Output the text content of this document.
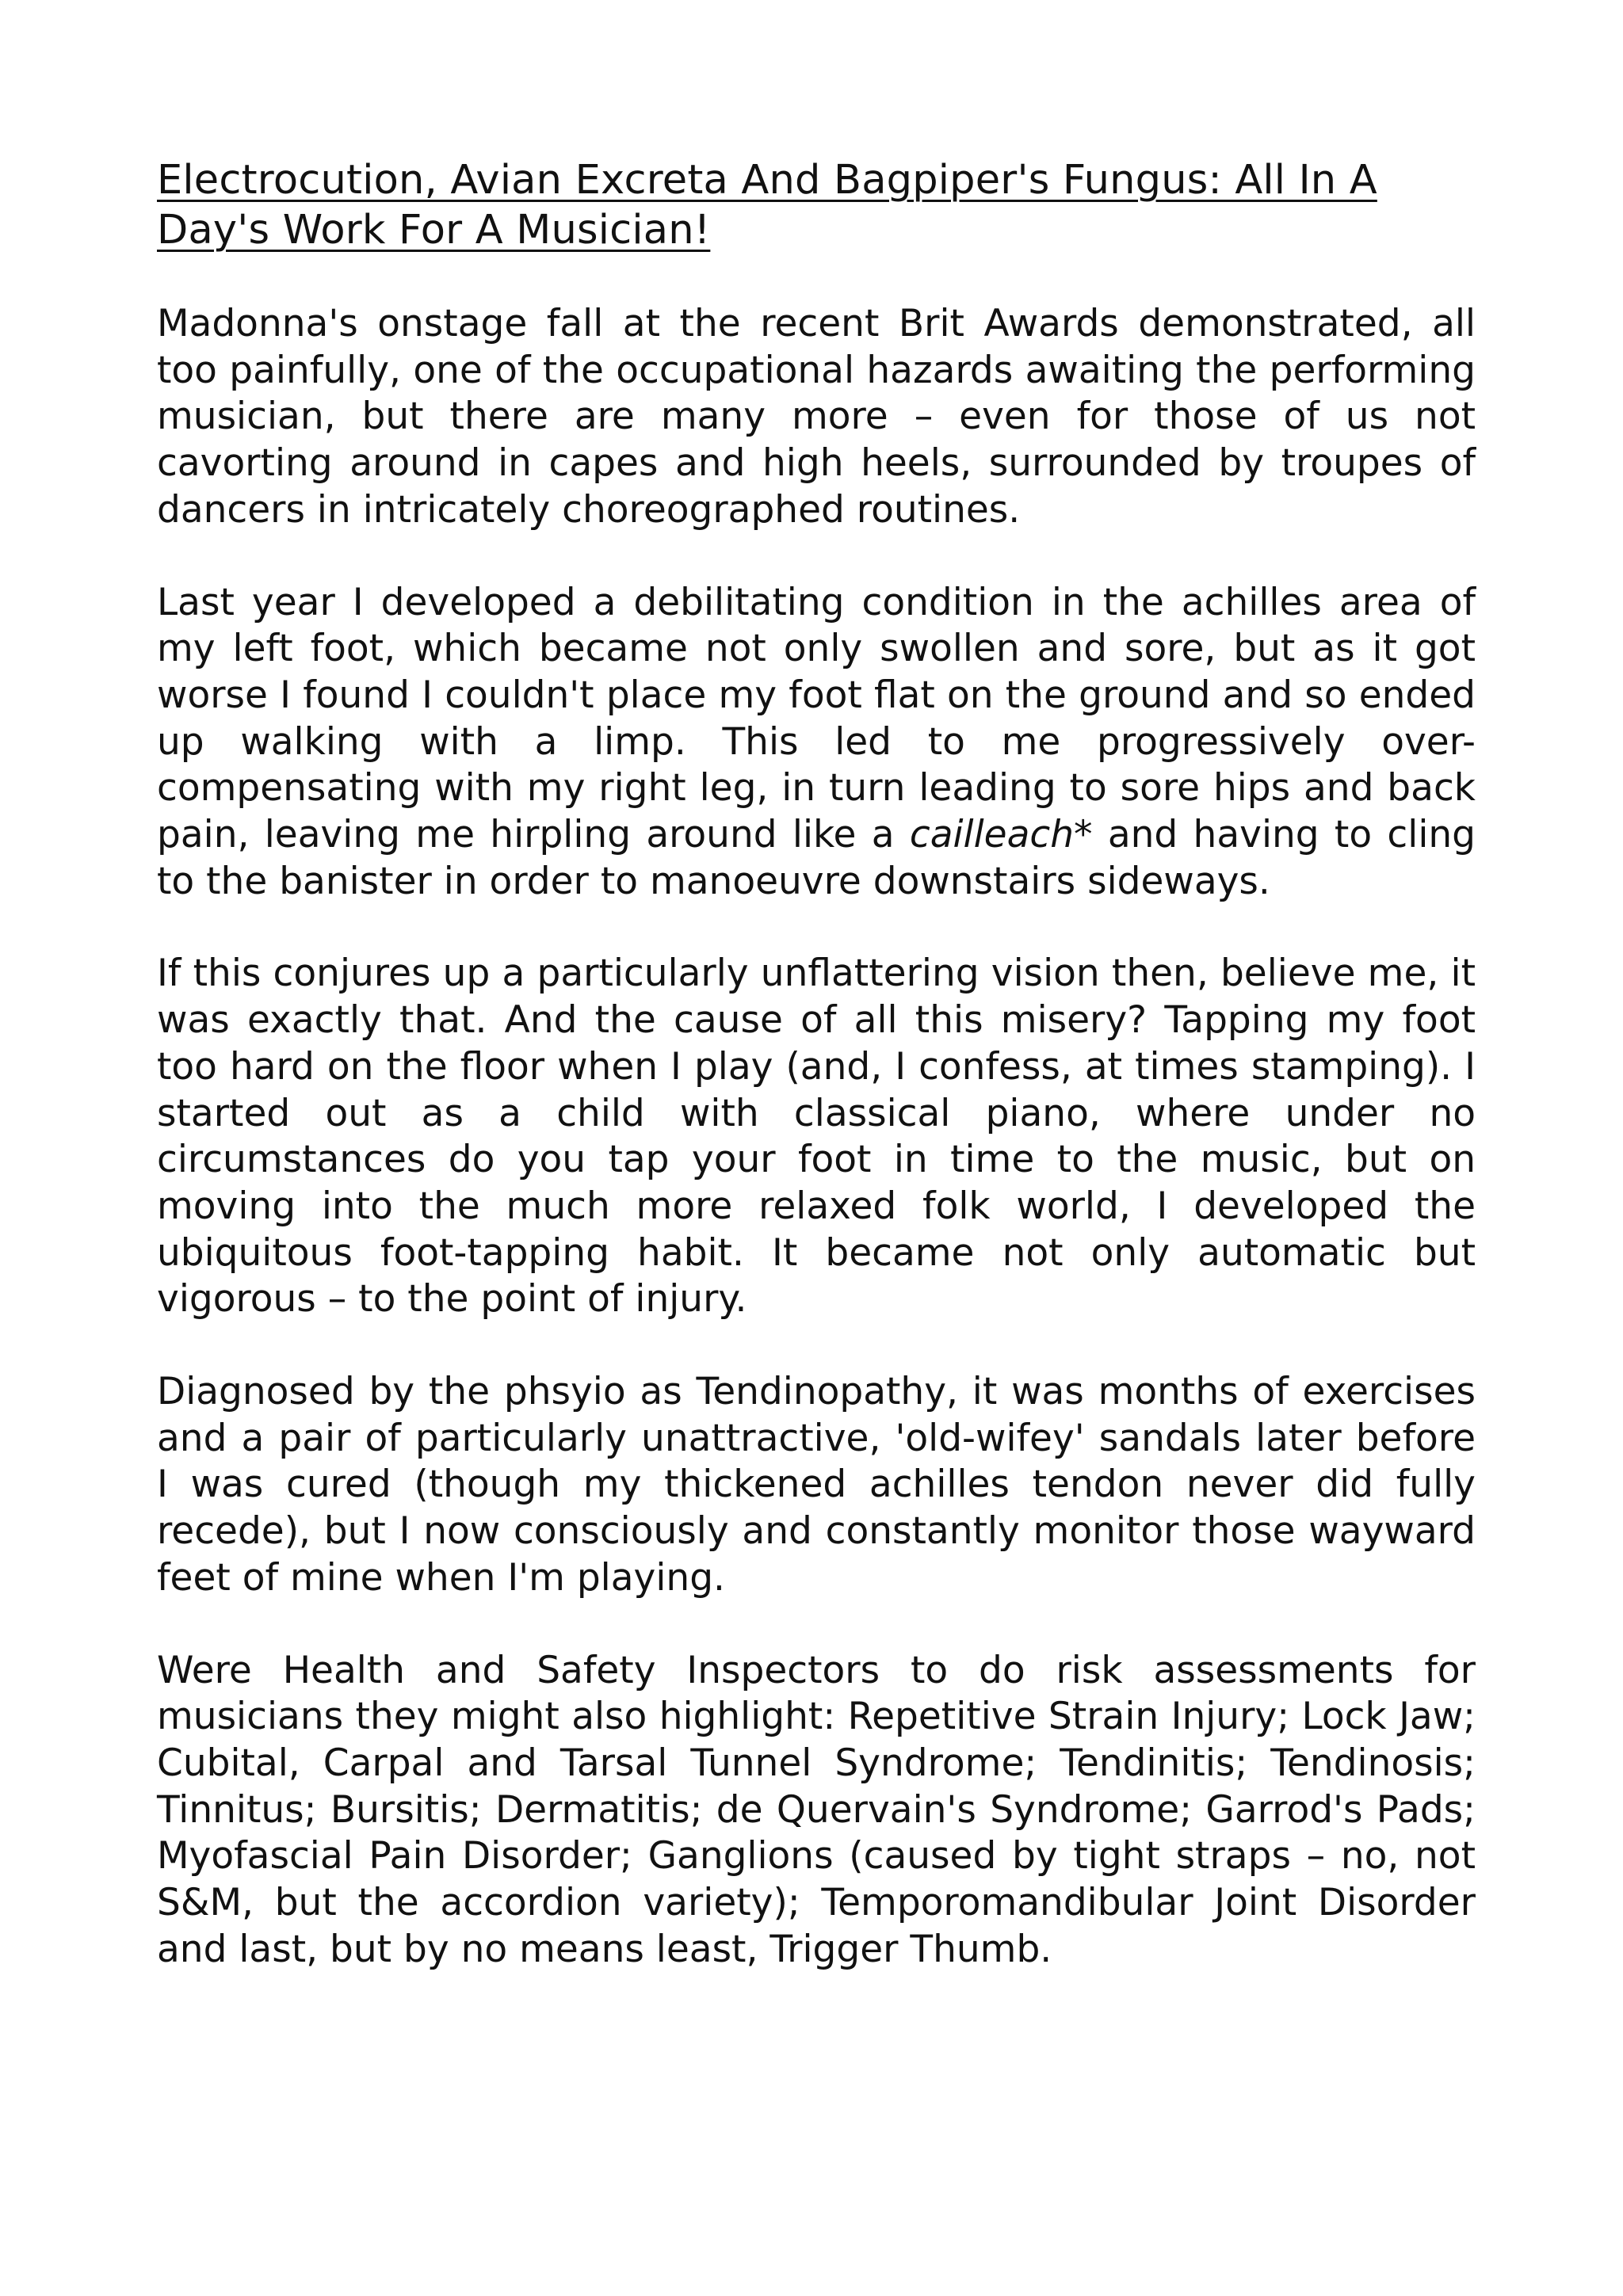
Electrocution, Avian Excreta And Bagpiper's Fungus: All In A Day's Work For A Musician!

Madonna's onstage fall at the recent Brit Awards demonstrated, all too painfully, one of the occupational hazards awaiting the performing musician, but there are many more – even for those of us not cavorting around in capes and high heels, surrounded by troupes of dancers in intricately choreographed routines.

Last year I developed a debilitating condition in the achilles area of my left foot, which became not only swollen and sore, but as it got worse I found I couldn't place my foot flat on the ground and so ended up walking with a limp. This led to me progressively over-compensating with my right leg, in turn leading to sore hips and back pain, leaving me hirpling around like a cailleach* and having to cling to the banister in order to manoeuvre downstairs sideways.

If this conjures up a particularly unflattering vision then, believe me, it was exactly that. And the cause of all this misery? Tapping my foot too hard on the floor when I play (and, I confess, at times stamping). I started out as a child with classical piano, where under no circumstances do you tap your foot in time to the music, but on moving into the much more relaxed folk world, I developed the ubiquitous foot-tapping habit. It became not only automatic but vigorous – to the point of injury.

Diagnosed by the phsyio as Tendinopathy, it was months of exercises and a pair of particularly unattractive, 'old-wifey' sandals later before I was cured (though my thickened achilles tendon never did fully recede), but I now consciously and constantly monitor those wayward feet of mine when I'm playing.

Were Health and Safety Inspectors to do risk assessments for musicians they might also highlight: Repetitive Strain Injury; Lock Jaw; Cubital, Carpal and Tarsal Tunnel Syndrome; Tendinitis; Tendinosis; Tinnitus; Bursitis; Dermatitis; de Quervain's Syndrome; Garrod's Pads; Myofascial Pain Disorder; Ganglions (caused by tight straps – no, not S&M, but the accordion variety); Temporomandibular Joint Disorder and last, but by no means least, Trigger Thumb.
